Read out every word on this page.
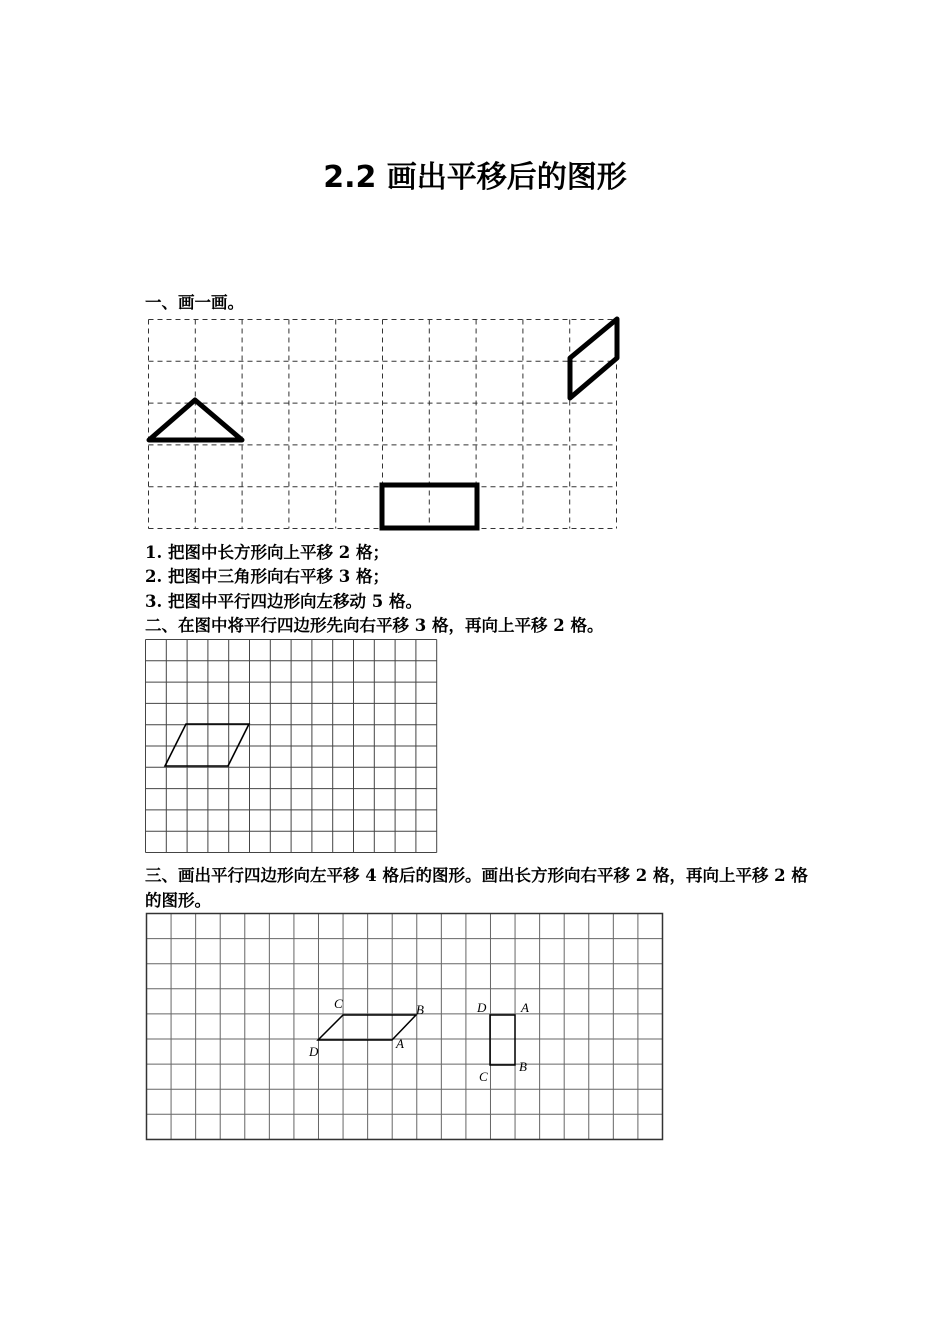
2.2 画出平移后的图形
一、画一画。
1. 把图中长方形向上平移 2 格；
2. 把图中三角形向右平移 3 格；
3. 把图中平行四边形向左移动 5 格。
二、在图中将平行四边形先向右平移 3 格，再向上平移 2 格。
三、画出平行四边形向左平移 4 格后的图形。画出长方形向右平移 2 格，再向上平移 2 格的图形。
C	B
D
A
D	A
C
B
